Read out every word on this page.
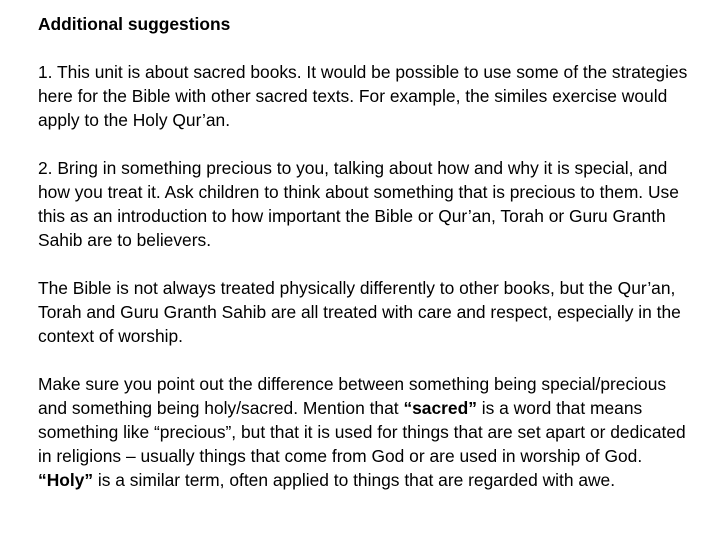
Additional suggestions
1. This unit is about sacred books. It would be possible to use some of the strategies here for the Bible with other sacred texts. For example, the similes exercise would apply to the Holy Qur’an.
2. Bring in something precious to you, talking about how and why it is special, and how you treat it. Ask children to think about something that is precious to them. Use this as an introduction to how important the Bible or Qur’an, Torah or Guru Granth Sahib are to believers.
The Bible is not always treated physically differently to other books, but the Qur’an, Torah and Guru Granth Sahib are all treated with care and respect, especially in the context of worship.
Make sure you point out the difference between something being special/precious and something being holy/sacred. Mention that “sacred” is a word that means something like “precious”, but that it is used for things that are set apart or dedicated in religions – usually things that come from God or are used in worship of God. “Holy” is a similar term, often applied to things that are regarded with awe.
